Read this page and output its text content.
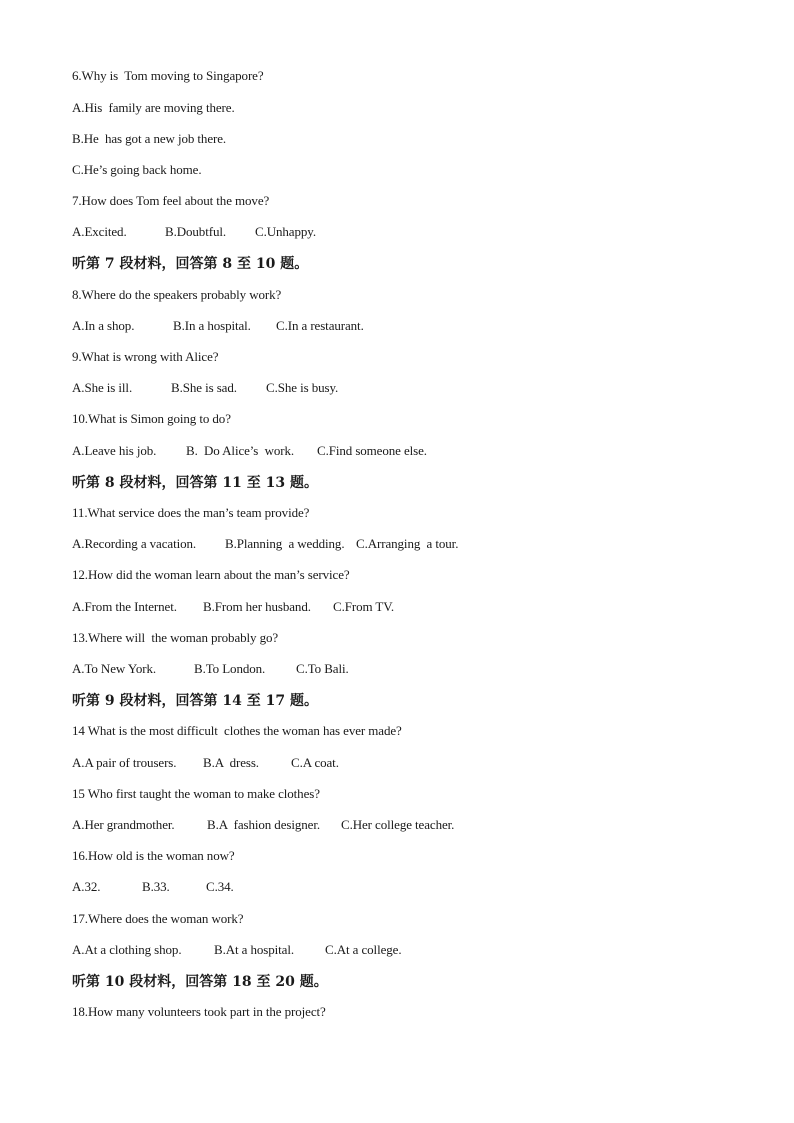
6.Why is  Tom moving to Singapore?
A.His  family are moving there.
B.He  has got a new job there.
C.He’s going back home.
7.How does Tom feel about the move?

A.Excited.

	B.Doubtful.

C.Unhappy.

听第 7 段材料，回答第 8 至 10 题。
8.Where do the speakers probably work?

A.In a shop.

	B.In a hospital.

C.In a restaurant.

9.What is wrong with Alice?

A.She is ill.

	B.She is sad.

C.She is busy.

10.What is Simon going to do?

A.Leave his job.

B.  Do Alice’s  work.

C.Find someone else.

听第 8 段材料，回答第 11 至 13 题。
11.What service does the man’s team provide?

A.Recording a vacation.

B.Planning  a wedding.

C.Arranging  a tour.

12.How did the woman learn about the man’s service?

A.From the Internet.

B.From her husband.

C.From TV.

13.Where will  the woman probably go?

A.To New York.

	B.To London.

C.To Bali.

听第 9 段材料，回答第 14 至 17 题。
14 What is the most difficult  clothes the woman has ever made?

A.A pair of trousers.

B.A  dress.

C.A coat.

15 Who first taught the woman to make clothes?

A.Her grandmother.

B.A  fashion designer.

C.Her college teacher.

16.How old is the woman now?

A.32.

	B.33.

	C.34.

17.Where does the woman work?

A.At a clothing shop.

	B.At a hospital.

C.At a college.

听第 10 段材料，回答第 18 至 20 题。
18.How many volunteers took part in the project?
